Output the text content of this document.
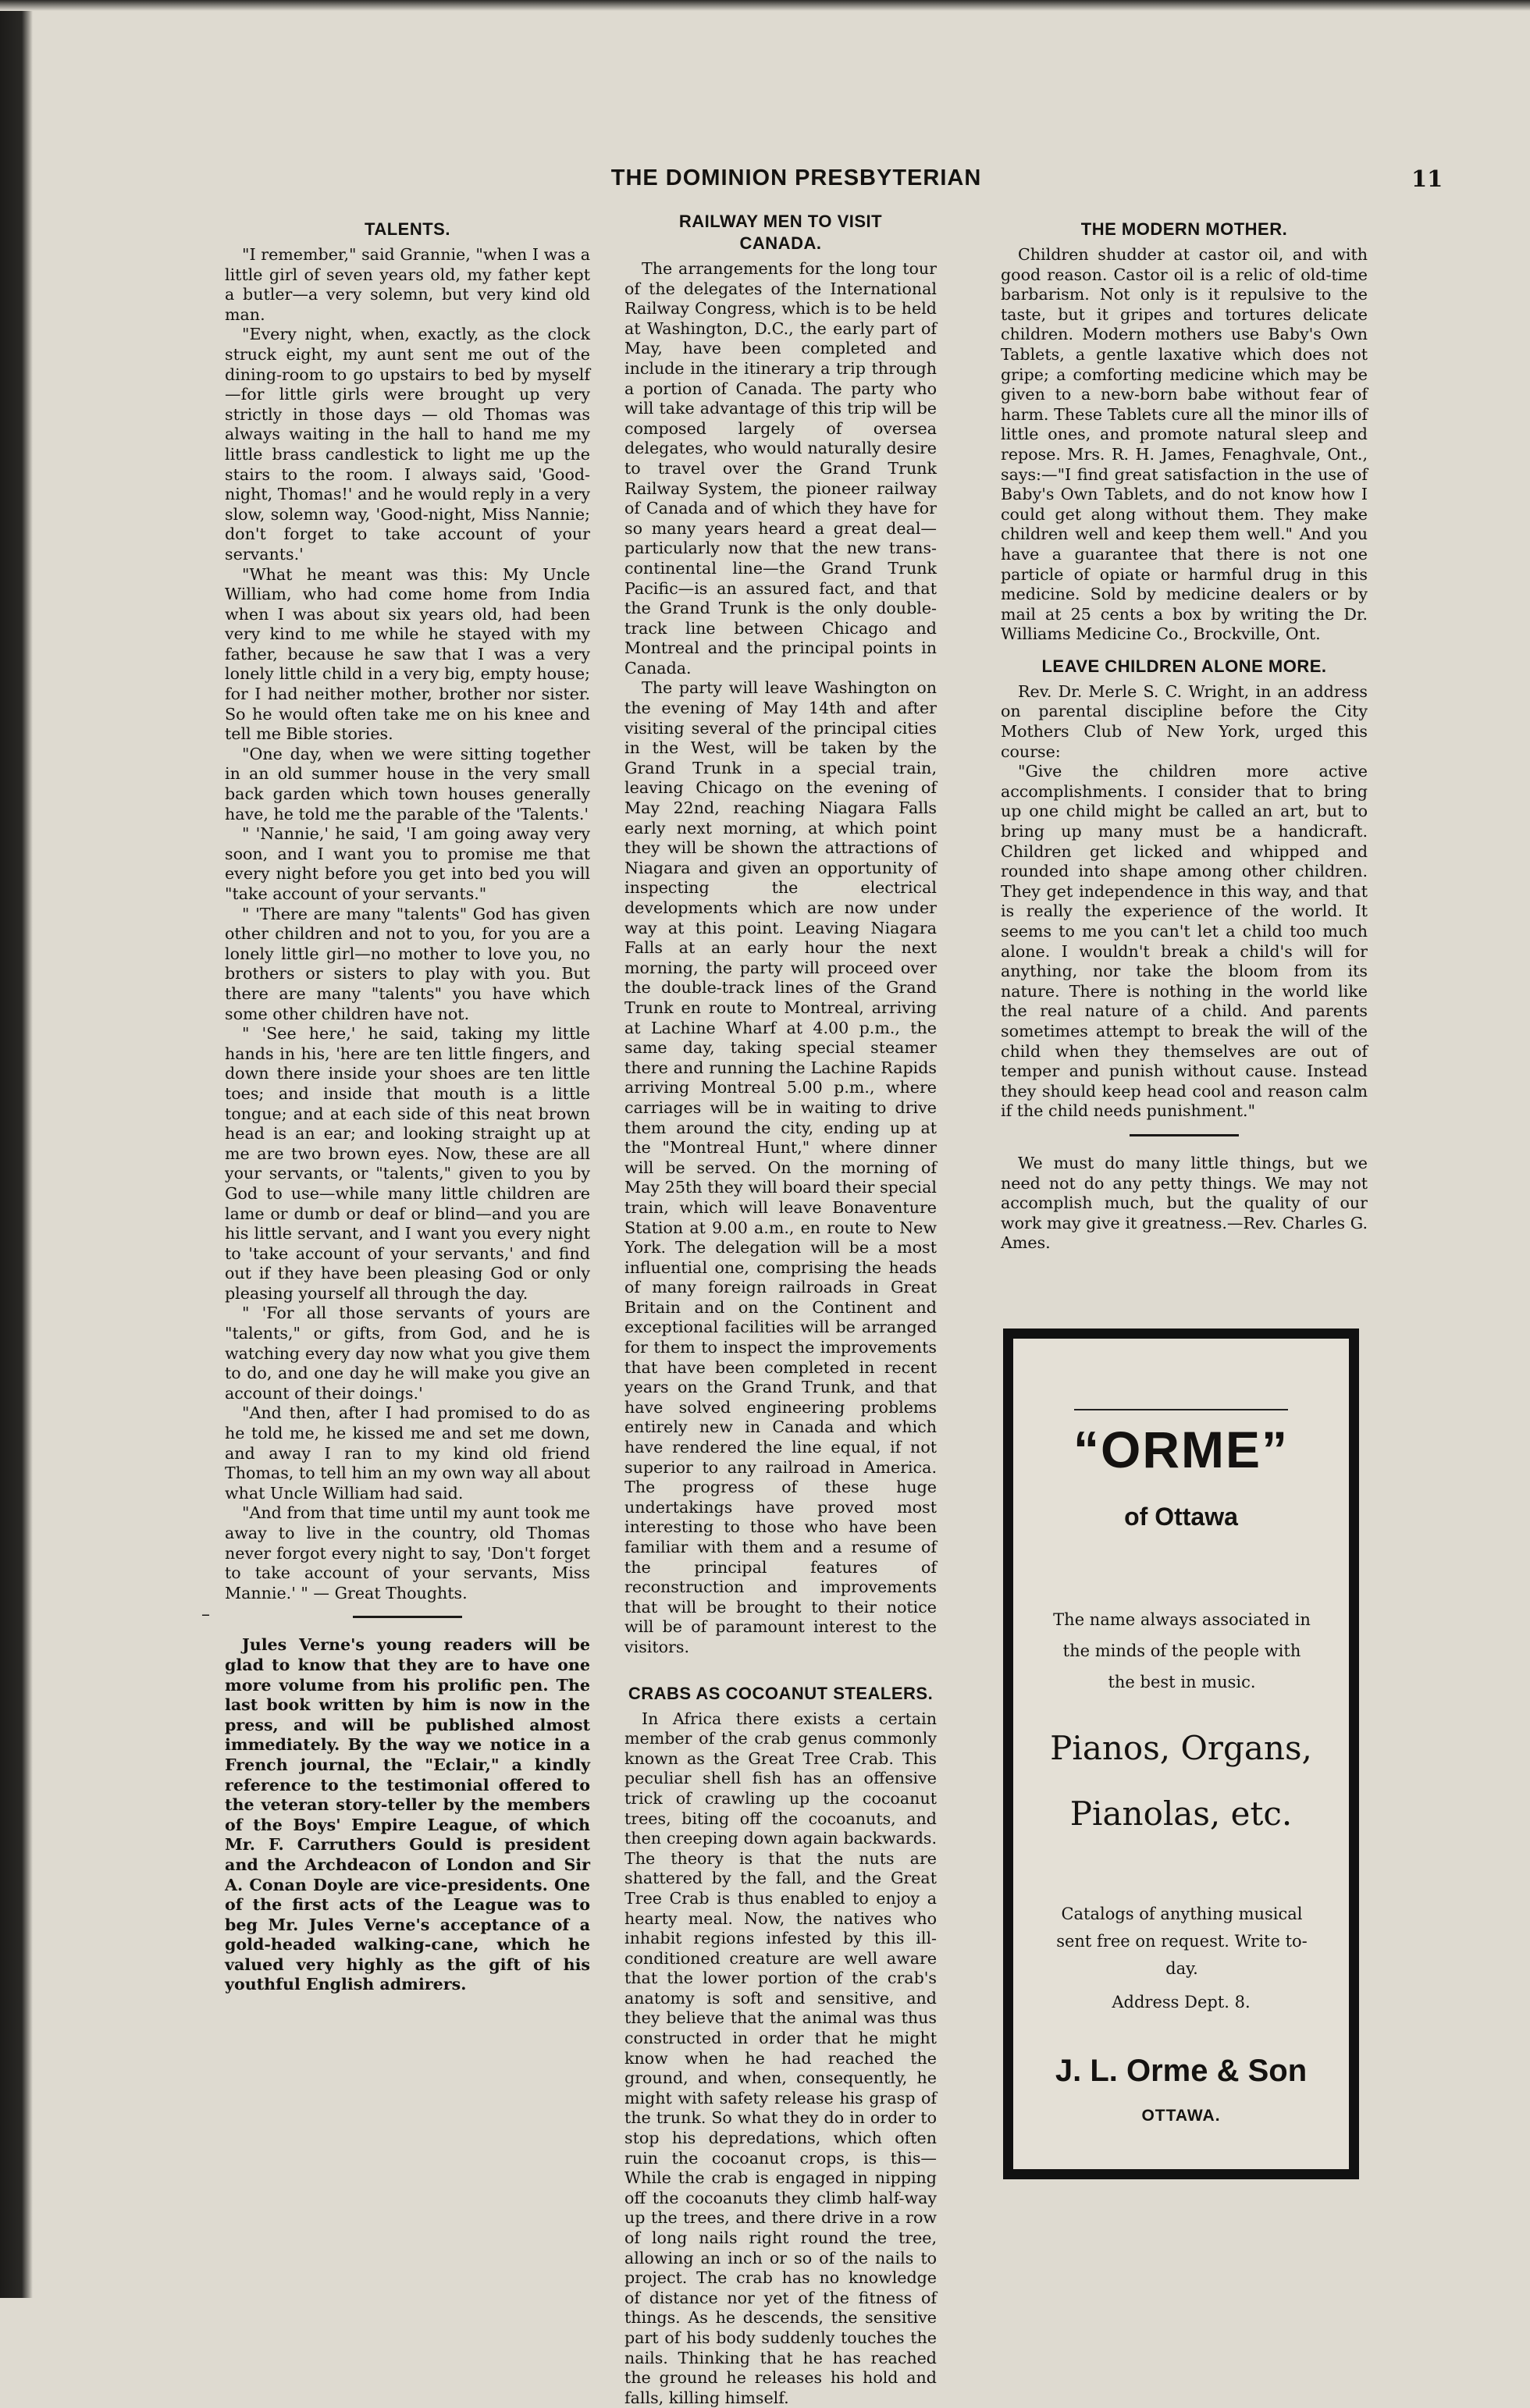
THE DOMINION PRESBYTERIAN	11
–
TALENTS.

"I remember," said Grannie, "when I was a little girl of seven years old, my father kept a butler—a very solemn, but very kind old man.

"Every night, when, exactly, as the clock struck eight, my aunt sent me out of the dining-room to go upstairs to bed by myself—for little girls were brought up very strictly in those days — old Thomas was always waiting in the hall to hand me my little brass candlestick to light me up the stairs to the room. I always said, 'Good-night, Thomas!' and he would reply in a very slow, solemn way, 'Good-night, Miss Nannie; don't forget to take account of your servants.'

"What he meant was this: My Uncle William, who had come home from India when I was about six years old, had been very kind to me while he stayed with my father, because he saw that I was a very lonely little child in a very big, empty house; for I had neither mother, brother nor sister. So he would often take me on his knee and tell me Bible stories.

"One day, when we were sitting together in an old summer house in the very small back garden which town houses generally have, he told me the parable of the 'Talents.'

" 'Nannie,' he said, 'I am going away very soon, and I want you to promise me that every night before you get into bed you will "take account of your servants."

" 'There are many "talents" God has given other children and not to you, for you are a lonely little girl—no mother to love you, no brothers or sisters to play with you. But there are many "talents" you have which some other children have not.

" 'See here,' he said, taking my little hands in his, 'here are ten little fingers, and down there inside your shoes are ten little toes; and inside that mouth is a little tongue; and at each side of this neat brown head is an ear; and looking straight up at me are two brown eyes. Now, these are all your servants, or "talents," given to you by God to use—while many little children are lame or dumb or deaf or blind—and you are his little servant, and I want you every night to 'take account of your servants,' and find out if they have been pleasing God or only pleasing yourself all through the day.

" 'For all those servants of yours are "talents," or gifts, from God, and he is watching every day now what you give them to do, and one day he will make you give an account of their doings.'

"And then, after I had promised to do as he told me, he kissed me and set me down, and away I ran to my kind old friend Thomas, to tell him an my own way all about what Uncle William had said.

"And from that time until my aunt took me away to live in the country, old Thomas never forgot every night to say, 'Don't forget to take account of your servants, Miss Mannie.' " — Great Thoughts.

Jules Verne's young readers will be glad to know that they are to have one more volume from his prolific pen. The last book written by him is now in the press, and will be published almost immediately. By the way we notice in a French journal, the "Eclair," a kindly reference to the testimonial offered to the veteran story-teller by the members of the Boys' Empire League, of which Mr. F. Carruthers Gould is president and the Archdeacon of London and Sir A. Conan Doyle are vice-presidents. One of the first acts of the League was to beg Mr. Jules Verne's acceptance of a gold-headed walking-cane, which he valued very highly as the gift of his youthful English admirers.

RAILWAY MEN TO VISIT
CANADA.

The arrangements for the long tour of the delegates of the International Railway Congress, which is to be held at Washington, D.C., the early part of May, have been completed and include in the itinerary a trip through a portion of Canada. The party who will take advantage of this trip will be composed largely of oversea delegates, who would naturally desire to travel over the Grand Trunk Railway System, the pioneer railway of Canada and of which they have for so many years heard a great deal—particularly now that the new trans-continental line—the Grand Trunk Pacific—is an assured fact, and that the Grand Trunk is the only double-track line between Chicago and Montreal and the principal points in Canada.

The party will leave Washington on the evening of May 14th and after visiting several of the principal cities in the West, will be taken by the Grand Trunk in a special train, leaving Chicago on the evening of May 22nd, reaching Niagara Falls early next morning, at which point they will be shown the attractions of Niagara and given an opportunity of inspecting the electrical developments which are now under way at this point. Leaving Niagara Falls at an early hour the next morning, the party will proceed over the double-track lines of the Grand Trunk en route to Montreal, arriving at Lachine Wharf at 4.00 p.m., the same day, taking special steamer there and running the Lachine Rapids arriving Montreal 5.00 p.m., where carriages will be in waiting to drive them around the city, ending up at the "Montreal Hunt," where dinner will be served. On the morning of May 25th they will board their special train, which will leave Bonaventure Station at 9.00 a.m., en route to New York. The delegation will be a most influential one, comprising the heads of many foreign railroads in Great Britain and on the Continent and exceptional facilities will be arranged for them to inspect the improvements that have been completed in recent years on the Grand Trunk, and that have solved engineering problems entirely new in Canada and which have rendered the line equal, if not superior to any railroad in America. The progress of these huge undertakings have proved most interesting to those who have been familiar with them and a resume of the principal features of reconstruction and improvements that will be brought to their notice will be of paramount interest to the visitors.

CRABS AS COCOANUT STEALERS.

In Africa there exists a certain member of the crab genus commonly known as the Great Tree Crab. This peculiar shell fish has an offensive trick of crawling up the cocoanut trees, biting off the cocoanuts, and then creeping down again backwards. The theory is that the nuts are shattered by the fall, and the Great Tree Crab is thus enabled to enjoy a hearty meal. Now, the natives who inhabit regions infested by this ill-conditioned creature are well aware that the lower portion of the crab's anatomy is soft and sensitive, and they believe that the animal was thus constructed in order that he might know when he had reached the ground, and when, consequently, he might with safety release his grasp of the trunk. So what they do in order to stop his depredations, which often ruin the cocoanut crops, is this—While the crab is engaged in nipping off the cocoanuts they climb half-way up the trees, and there drive in a row of long nails right round the tree, allowing an inch or so of the nails to project. The crab has no knowledge of distance nor yet of the fitness of things. As he descends, the sensitive part of his body suddenly touches the nails. Thinking that he has reached the ground he releases his hold and falls, killing himself.

THE MODERN MOTHER.

Children shudder at castor oil, and with good reason. Castor oil is a relic of old-time barbarism. Not only is it repulsive to the taste, but it gripes and tortures delicate children. Modern mothers use Baby's Own Tablets, a gentle laxative which does not gripe; a comforting medicine which may be given to a new-born babe without fear of harm. These Tablets cure all the minor ills of little ones, and promote natural sleep and repose. Mrs. R. H. James, Fenaghvale, Ont., says:—"I find great satisfaction in the use of Baby's Own Tablets, and do not know how I could get along without them. They make children well and keep them well." And you have a guarantee that there is not one particle of opiate or harmful drug in this medicine. Sold by medicine dealers or by mail at 25 cents a box by writing the Dr. Williams Medicine Co., Brockville, Ont.

LEAVE CHILDREN ALONE MORE.

Rev. Dr. Merle S. C. Wright, in an address on parental discipline before the City Mothers Club of New York, urged this course:

"Give the children more active accomplishments. I consider that to bring up one child might be called an art, but to bring up many must be a handicraft. Children get licked and whipped and rounded into shape among other children. They get independence in this way, and that is really the experience of the world. It seems to me you can't let a child too much alone. I wouldn't break a child's will for anything, nor take the bloom from its nature. There is nothing in the world like the real nature of a child. And parents sometimes attempt to break the will of the child when they themselves are out of temper and punish without cause. Instead they should keep head cool and reason calm if the child needs punishment."

We must do many little things, but we need not do any petty things. We may not accomplish much, but the quality of our work may give it greatness.—Rev. Charles G. Ames.

“ORME”
of Ottawa
The name always associated in the minds of the people with the best in music.
Pianos, Organs,
Pianolas, etc.
Catalogs of anything musical sent free on request. Write to-day.
Address Dept. 8.
J. L. Orme & Son
OTTAWA.
